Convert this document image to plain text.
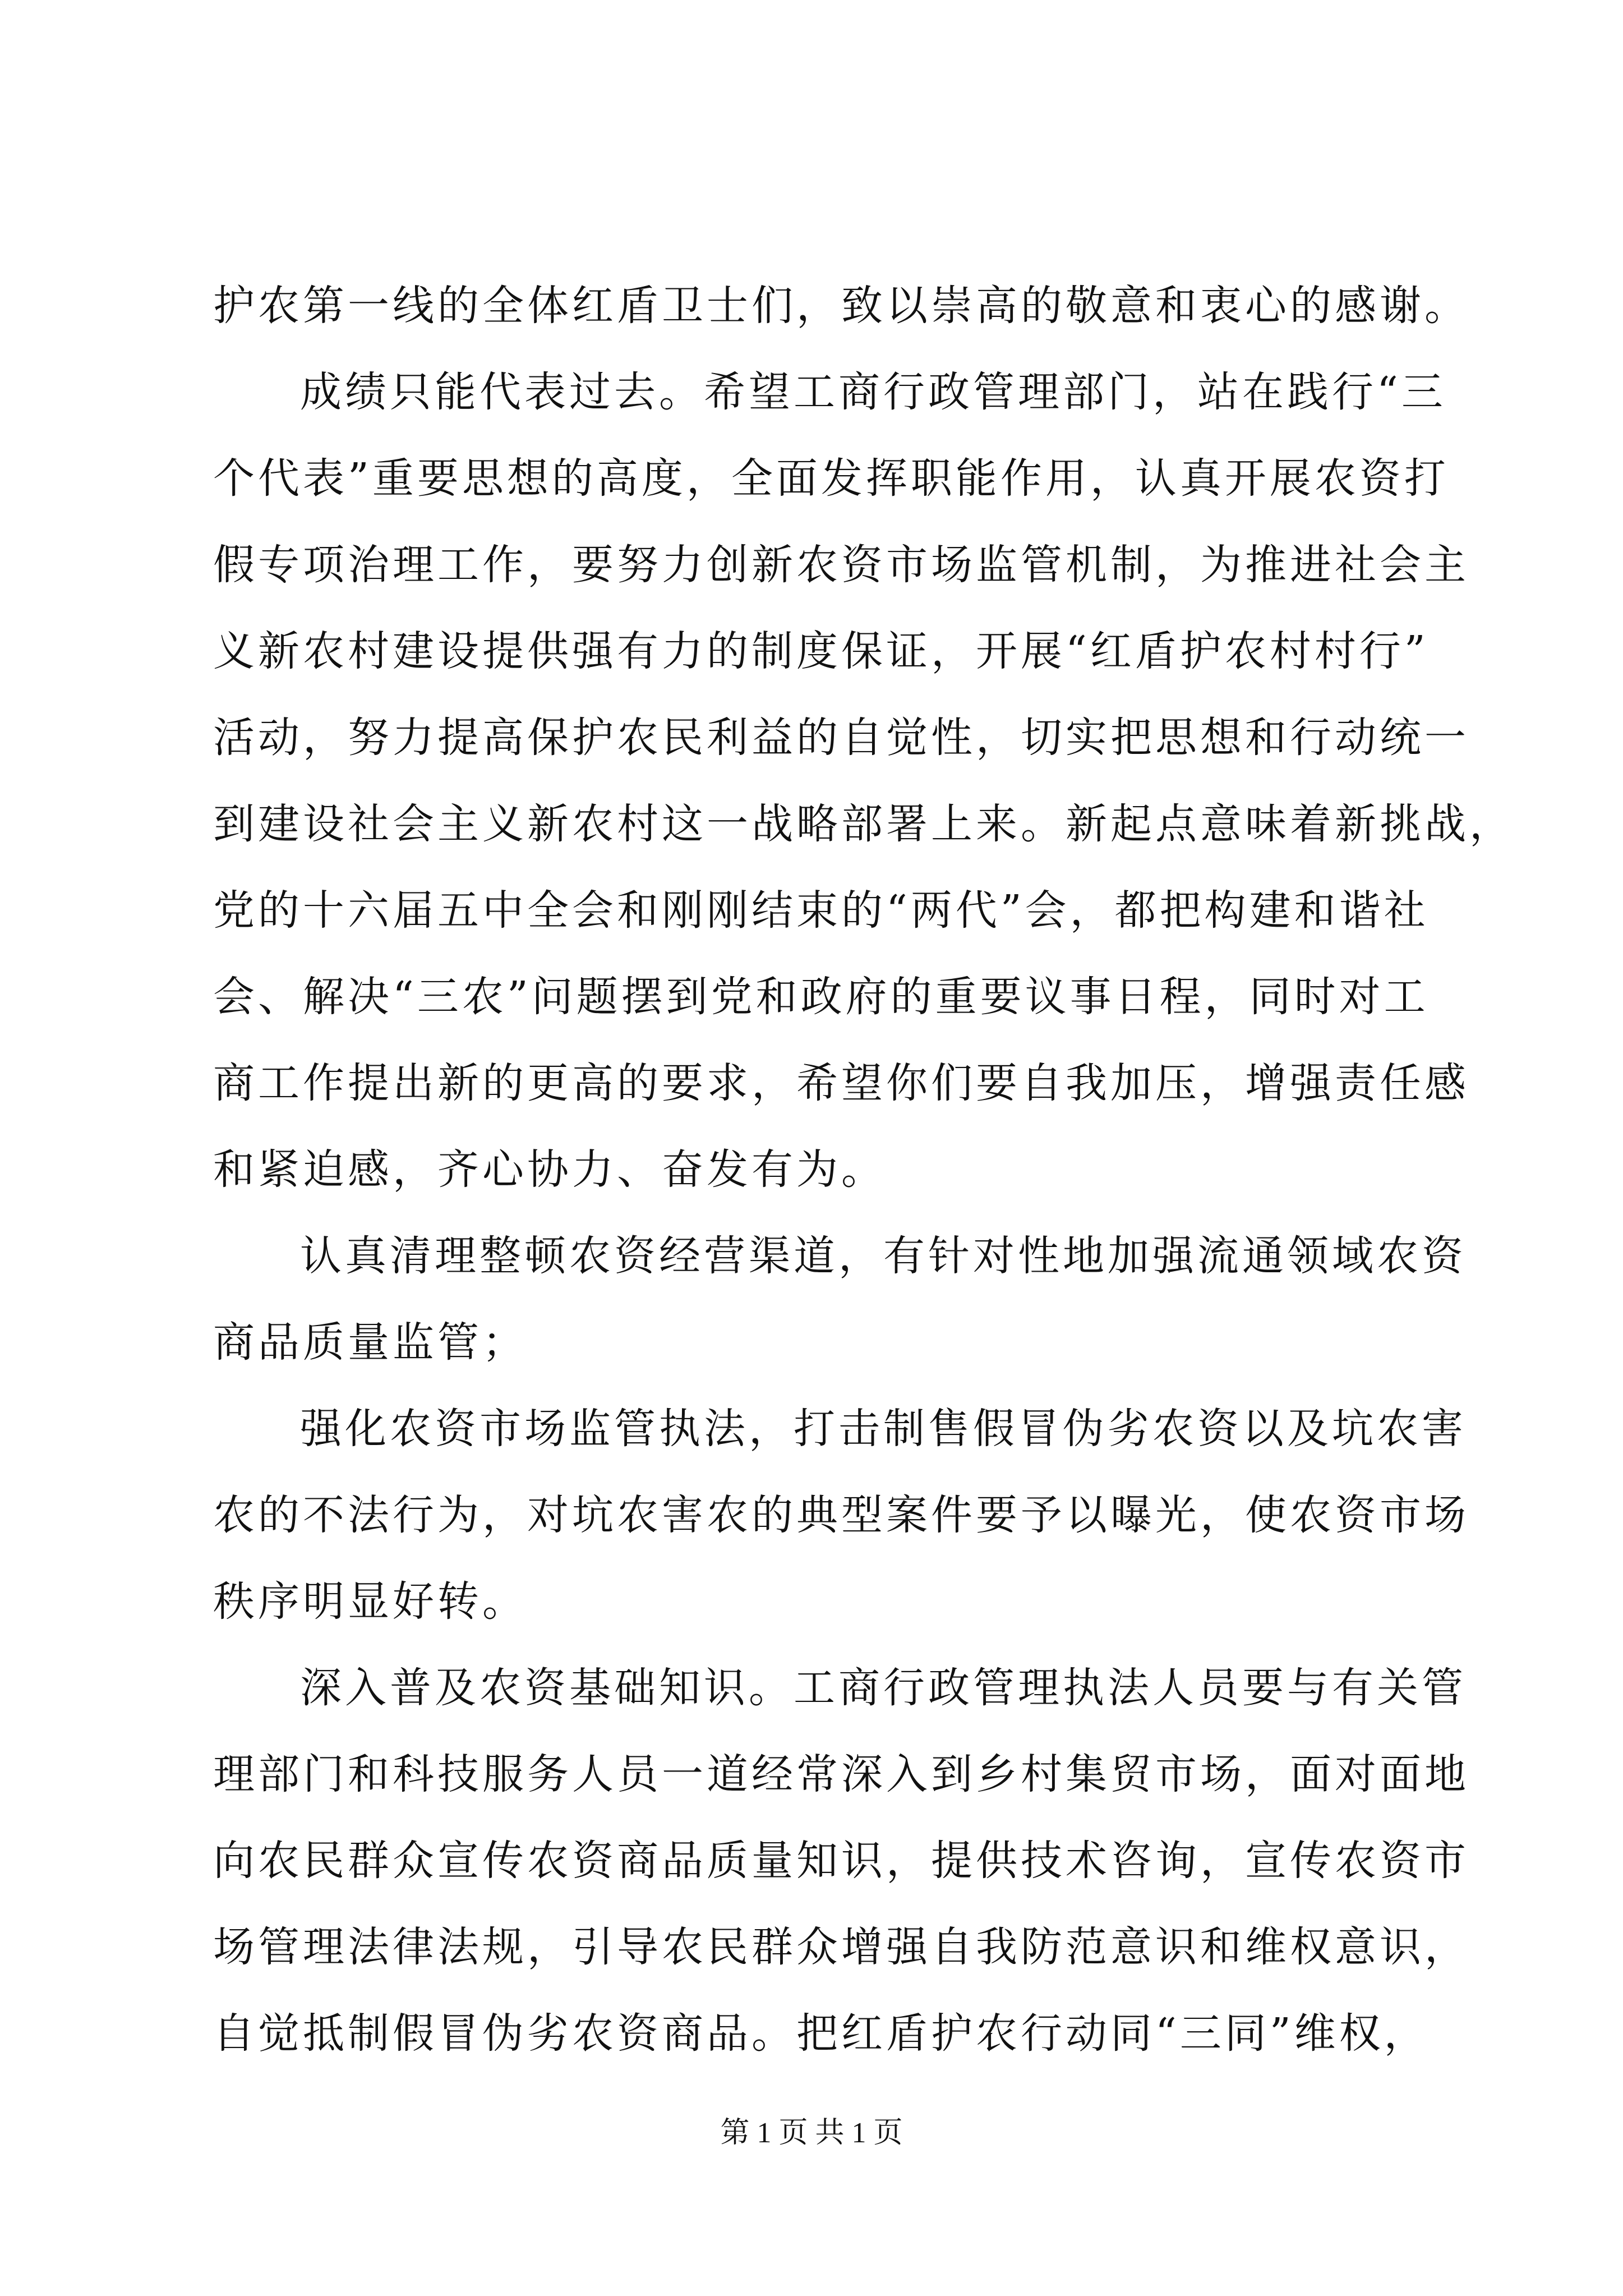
护农第一线的全体红盾卫士们，致以崇高的敬意和衷心的感谢。
成绩只能代表过去。希望工商行政管理部门，站在践行“三
个代表”重要思想的高度，全面发挥职能作用，认真开展农资打
假专项治理工作，要努力创新农资市场监管机制，为推进社会主
义新农村建设提供强有力的制度保证，开展“红盾护农村村行”
活动，努力提高保护农民利益的自觉性，切实把思想和行动统一
到建设社会主义新农村这一战略部署上来。新起点意味着新挑战，
党的十六届五中全会和刚刚结束的“两代”会，都把构建和谐社
会、解决“三农”问题摆到党和政府的重要议事日程，同时对工
商工作提出新的更高的要求，希望你们要自我加压，增强责任感
和紧迫感，齐心协力、奋发有为。
认真清理整顿农资经营渠道，有针对性地加强流通领域农资
商品质量监管；
强化农资市场监管执法，打击制售假冒伪劣农资以及坑农害
农的不法行为，对坑农害农的典型案件要予以曝光，使农资市场
秩序明显好转。
深入普及农资基础知识。工商行政管理执法人员要与有关管
理部门和科技服务人员一道经常深入到乡村集贸市场，面对面地
向农民群众宣传农资商品质量知识，提供技术咨询，宣传农资市
场管理法律法规，引导农民群众增强自我防范意识和维权意识，
自觉抵制假冒伪劣农资商品。把红盾护农行动同“三同”维权，
第 1 页 共 1 页
